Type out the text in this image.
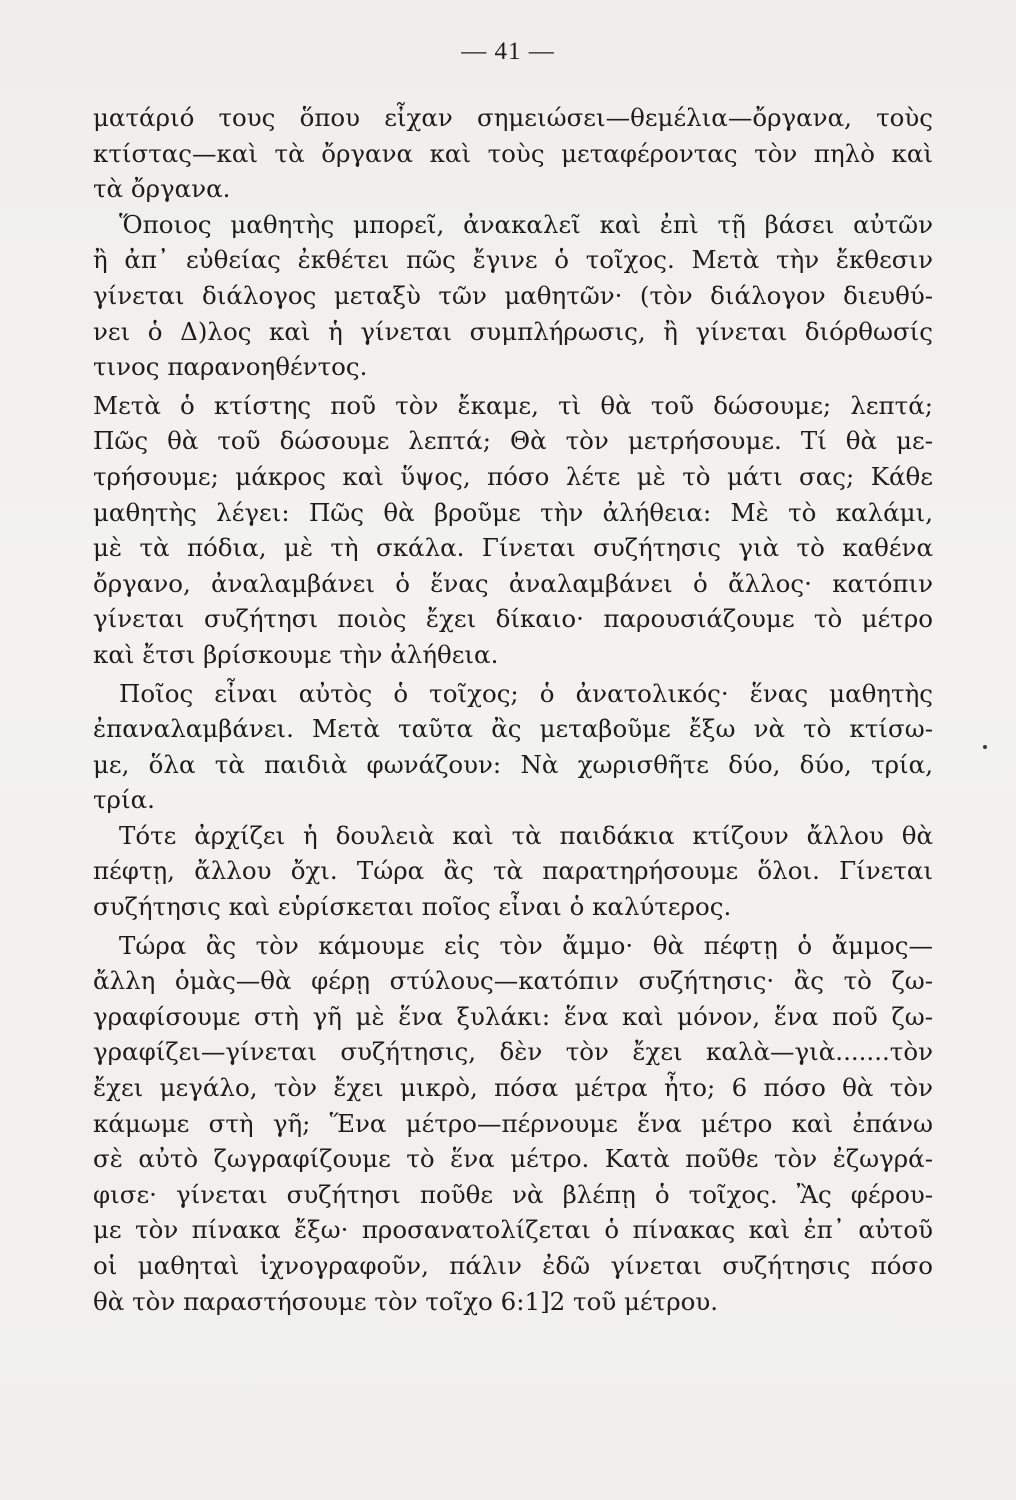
— 41 —
ματάριό τους ὅπου εἶχαν σημειώσει—θεμέλια—ὄργανα, τοὺς
κτίστας—καὶ τὰ ὄργανα καὶ τοὺς μεταφέροντας τὸν πηλὸ καὶ
τὰ ὄργανα.
Ὅποιος μαθητὴς μπορεῖ, ἀνακαλεῖ καὶ ἐπὶ τῇ βάσει αὐτῶν
ἢ ἀπ᾽ εὐθείας ἐκθέτει πῶς ἔγινε ὁ τοῖχος. Μετὰ τὴν ἔκθεσιν
γίνεται διάλογος μεταξὺ τῶν μαθητῶν· (τὸν διάλογον διευθύ-
νει ὁ Δ)λος καὶ ἡ γίνεται συμπλήρωσις, ἢ γίνεται διόρθωσίς
τινος παρανοηθέντος.
Μετὰ ὁ κτίστης ποῦ τὸν ἔκαμε, τὶ θὰ τοῦ δώσουμε; λεπτά;
Πῶς θὰ τοῦ δώσουμε λεπτά; Θὰ τὸν μετρήσουμε. Τί θὰ με-
τρήσουμε; μάκρος καὶ ὕψος, πόσο λέτε μὲ τὸ μάτι σας; Κάθε
μαθητὴς λέγει: Πῶς θὰ βροῦμε τὴν ἀλήθεια: Μὲ τὸ καλάμι,
μὲ τὰ πόδια, μὲ τὴ σκάλα. Γίνεται συζήτησις γιὰ τὸ καθένα
ὄργανο, ἀναλαμβάνει ὁ ἕνας ἀναλαμβάνει ὁ ἄλλος· κατόπιν
γίνεται συζήτησι ποιὸς ἔχει δίκαιο· παρουσιάζουμε τὸ μέτρο
καὶ ἔτσι βρίσκουμε τὴν ἀλήθεια.
Ποῖος εἶναι αὐτὸς ὁ τοῖχος; ὁ ἀνατολικός· ἕνας μαθητὴς
ἐπαναλαμβάνει. Μετὰ ταῦτα ἂς μεταβοῦμε ἔξω νὰ τὸ κτίσω-
με, ὅλα τὰ παιδιὰ φωνάζουν: Νὰ χωρισθῆτε δύο, δύο, τρία,
τρία.
Τότε ἀρχίζει ἡ δουλειὰ καὶ τὰ παιδάκια κτίζουν ἄλλου θὰ
πέφτῃ, ἄλλου ὄχι. Τώρα ἂς τὰ παρατηρήσουμε ὅλοι. Γίνεται
συζήτησις καὶ εὑρίσκεται ποῖος εἶναι ὁ καλύτερος.
Τώρα ἂς τὸν κάμουμε εἰς τὸν ἄμμο· θὰ πέφτῃ ὁ ἄμμος—
ἄλλη ὁμὰς—θὰ φέρῃ στύλους—κατόπιν συζήτησις· ἂς τὸ ζω-
γραφίσουμε στὴ γῆ μὲ ἕνα ξυλάκι: ἕνα καὶ μόνον, ἕνα ποῦ ζω-
γραφίζει—γίνεται συζήτησις, δὲν τὸν ἔχει καλὰ—γιὰ.......τὸν
ἔχει μεγάλο, τὸν ἔχει μικρὸ, πόσα μέτρα ἦτο; 6 πόσο θὰ τὸν
κάμωμε στὴ γῆ; Ἕνα μέτρο—πέρνουμε ἕνα μέτρο καὶ ἐπάνω
σὲ αὐτὸ ζωγραφίζουμε τὸ ἕνα μέτρο. Κατὰ ποῦθε τὸν ἐζωγρά-
φισε· γίνεται συζήτησι ποῦθε νὰ βλέπῃ ὁ τοῖχος. Ἂς φέρου-
με τὸν πίνακα ἔξω· προσανατολίζεται ὁ πίνακας καὶ ἐπ᾽ αὐτοῦ
οἱ μαθηταὶ ἰχνογραφοῦν, πάλιν ἐδῶ γίνεται συζήτησις πόσο
θὰ τὸν παραστήσουμε τὸν τοῖχο 6:1]2 τοῦ μέτρου.
